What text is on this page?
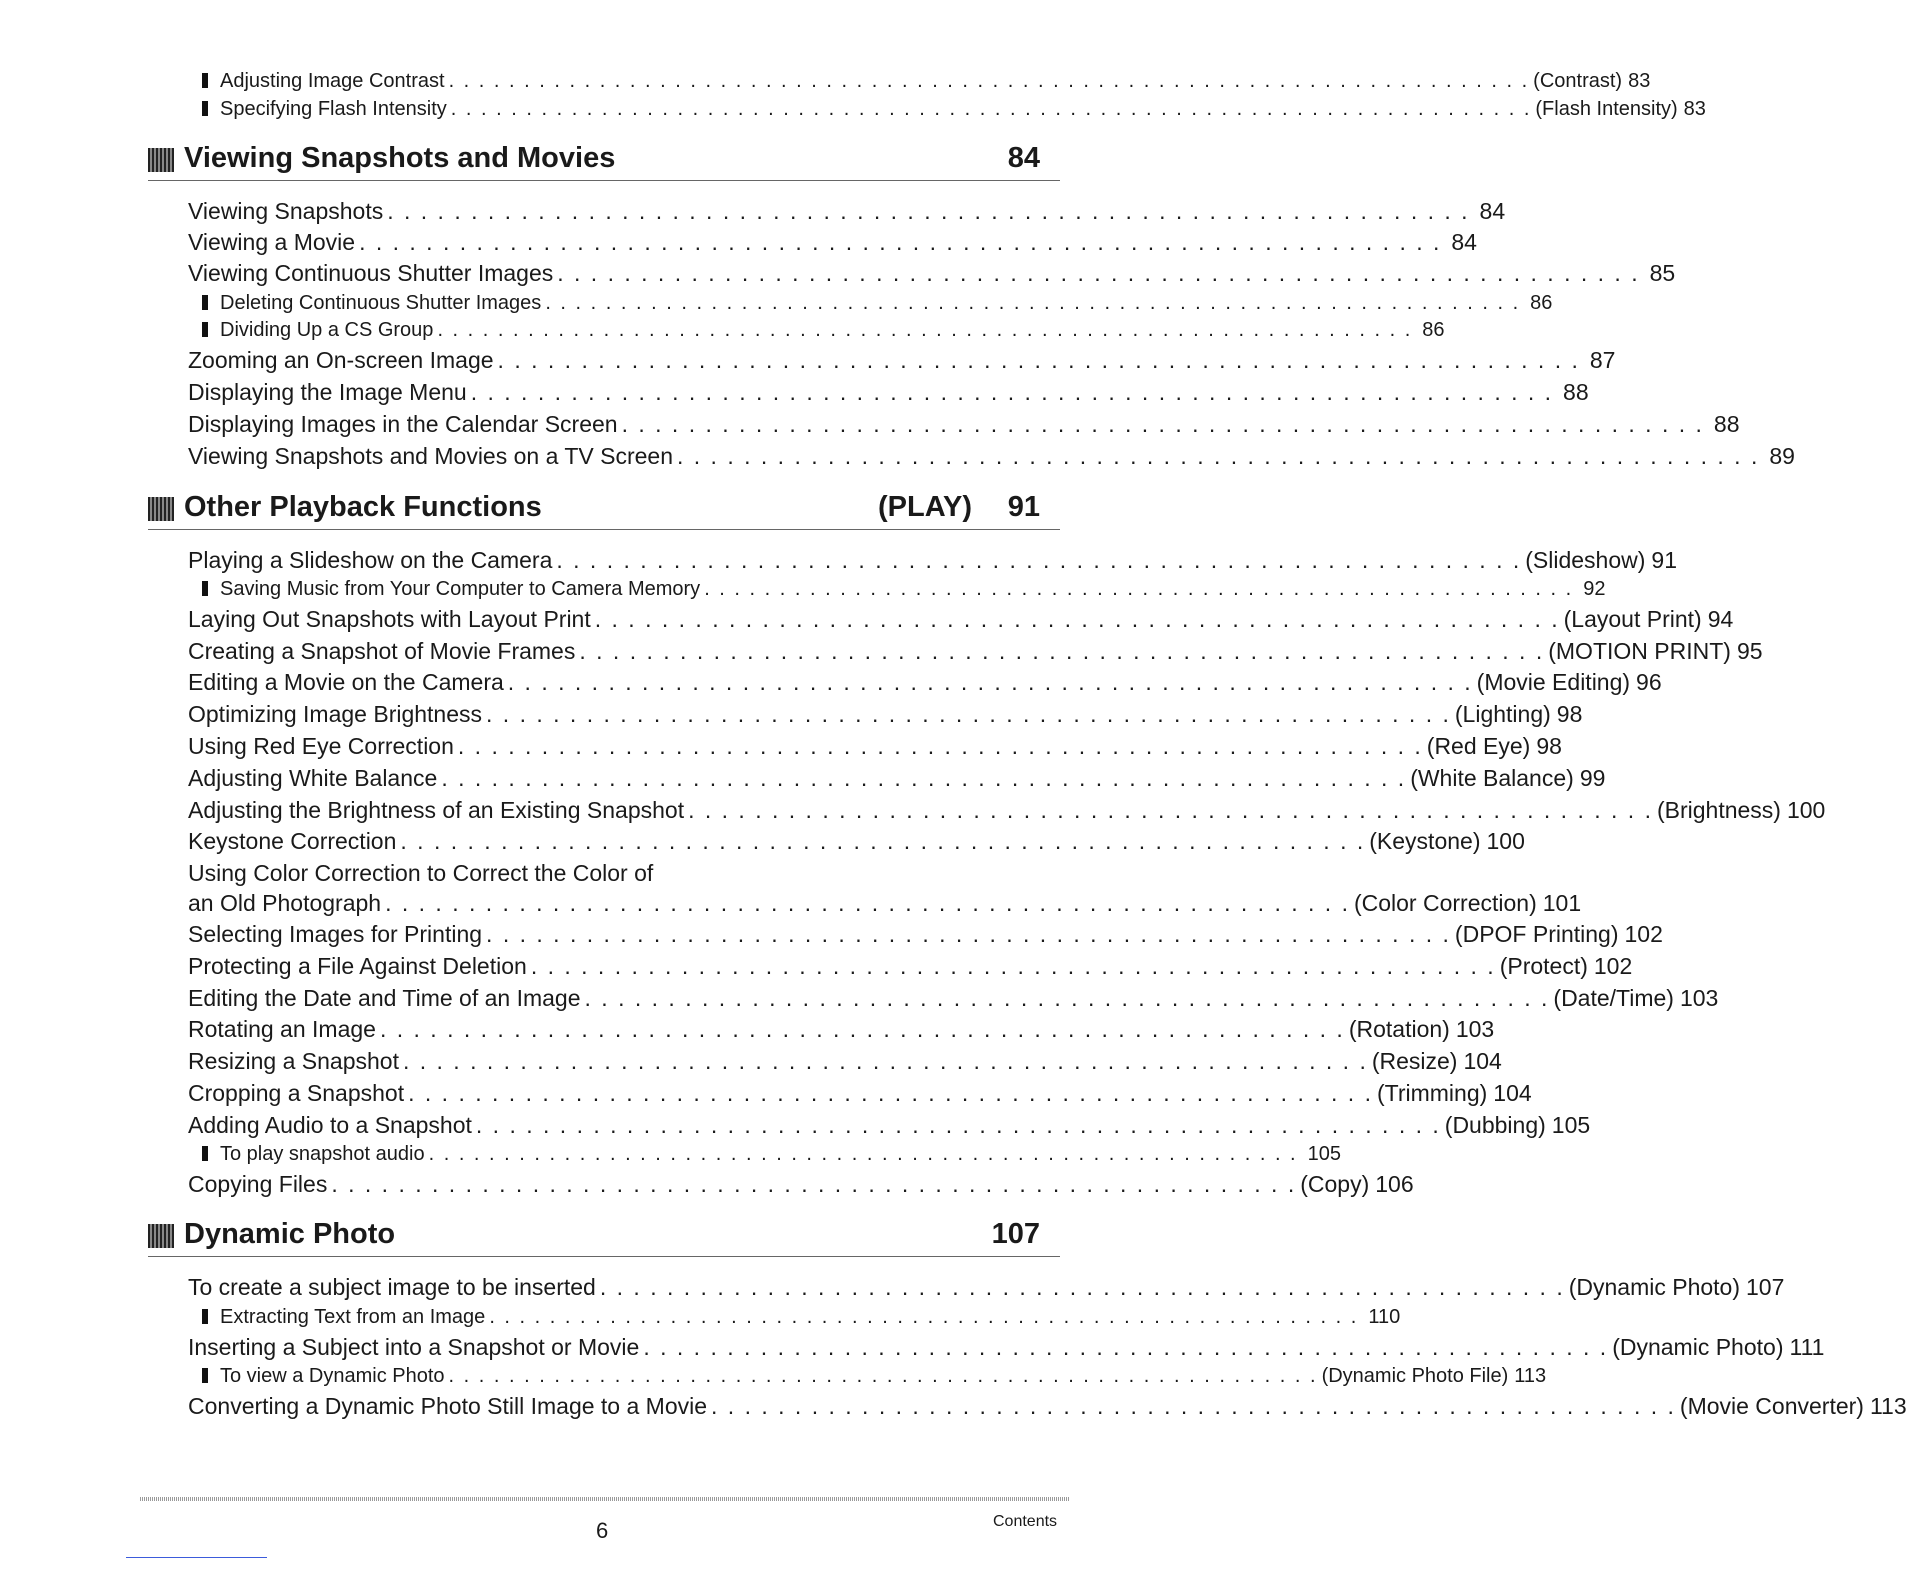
Adjusting Image Contrast . . . . . . . . . . . . . . . . . . . . . . . . . . . . . . . . . . . . . . . . . . . . . . . . . . . . . . . . . . . . . . . . . . . . . . . . (Contrast) 83
Specifying Flash Intensity . . . . . . . . . . . . . . . . . . . . . . . . . . . . . . . . . . . . . . . . . . . . . . . . . . . . . . . . . . . . . . . . . . . . . . . . (Flash Intensity) 83
Viewing Snapshots and Movies	84
Viewing Snapshots . . . . . . . . . . . . . . . . . . . . . . . . . . . . . . . . . . . . . . . . . . . . . . . . . . . . . . . . . . . . . . . . . 84
Viewing a Movie . . . . . . . . . . . . . . . . . . . . . . . . . . . . . . . . . . . . . . . . . . . . . . . . . . . . . . . . . . . . . . . . . 84
Viewing Continuous Shutter Images . . . . . . . . . . . . . . . . . . . . . . . . . . . . . . . . . . . . . . . . . . . . . . . . . . . . . . . . . . . . . . . . . 85
Deleting Continuous Shutter Images . . . . . . . . . . . . . . . . . . . . . . . . . . . . . . . . . . . . . . . . . . . . . . . . . . . . . . . . . . . . . . . . . 86
Dividing Up a CS Group . . . . . . . . . . . . . . . . . . . . . . . . . . . . . . . . . . . . . . . . . . . . . . . . . . . . . . . . . . . . . . . . . 86
Zooming an On-screen Image . . . . . . . . . . . . . . . . . . . . . . . . . . . . . . . . . . . . . . . . . . . . . . . . . . . . . . . . . . . . . . . . . 87
Displaying the Image Menu . . . . . . . . . . . . . . . . . . . . . . . . . . . . . . . . . . . . . . . . . . . . . . . . . . . . . . . . . . . . . . . . . 88
Displaying Images in the Calendar Screen . . . . . . . . . . . . . . . . . . . . . . . . . . . . . . . . . . . . . . . . . . . . . . . . . . . . . . . . . . . . . . . . . 88
Viewing Snapshots and Movies on a TV Screen . . . . . . . . . . . . . . . . . . . . . . . . . . . . . . . . . . . . . . . . . . . . . . . . . . . . . . . . . . . . . . . . . 89
Other Playback Functions	(PLAY) 91
Playing a Slideshow on the Camera . . . . . . . . . . . . . . . . . . . . . . . . . . . . . . . . . . . . . . . . . . . . . . . . . . . . . . . . . . (Slideshow) 91
Saving Music from Your Computer to Camera Memory . . . . . . . . . . . . . . . . . . . . . . . . . . . . . . . . . . . . . . . . . . . . . . . . . . . . . . . . . . 92
Laying Out Snapshots with Layout Print . . . . . . . . . . . . . . . . . . . . . . . . . . . . . . . . . . . . . . . . . . . . . . . . . . . . . . . . . . (Layout Print) 94
Creating a Snapshot of Movie Frames . . . . . . . . . . . . . . . . . . . . . . . . . . . . . . . . . . . . . . . . . . . . . . . . . . . . . . . . . . (MOTION PRINT) 95
Editing a Movie on the Camera . . . . . . . . . . . . . . . . . . . . . . . . . . . . . . . . . . . . . . . . . . . . . . . . . . . . . . . . . . (Movie Editing) 96
Optimizing Image Brightness . . . . . . . . . . . . . . . . . . . . . . . . . . . . . . . . . . . . . . . . . . . . . . . . . . . . . . . . . . (Lighting) 98
Using Red Eye Correction . . . . . . . . . . . . . . . . . . . . . . . . . . . . . . . . . . . . . . . . . . . . . . . . . . . . . . . . . . (Red Eye) 98
Adjusting White Balance . . . . . . . . . . . . . . . . . . . . . . . . . . . . . . . . . . . . . . . . . . . . . . . . . . . . . . . . . . (White Balance) 99
Adjusting the Brightness of an Existing Snapshot . . . . . . . . . . . . . . . . . . . . . . . . . . . . . . . . . . . . . . . . . . . . . . . . . . . . . . . . . . (Brightness) 100
Keystone Correction . . . . . . . . . . . . . . . . . . . . . . . . . . . . . . . . . . . . . . . . . . . . . . . . . . . . . . . . . . (Keystone) 100
Using Color Correction to Correct the Color of
an Old Photograph . . . . . . . . . . . . . . . . . . . . . . . . . . . . . . . . . . . . . . . . . . . . . . . . . . . . . . . . . . (Color Correction) 101
Selecting Images for Printing . . . . . . . . . . . . . . . . . . . . . . . . . . . . . . . . . . . . . . . . . . . . . . . . . . . . . . . . . . (DPOF Printing) 102
Protecting a File Against Deletion . . . . . . . . . . . . . . . . . . . . . . . . . . . . . . . . . . . . . . . . . . . . . . . . . . . . . . . . . . (Protect) 102
Editing the Date and Time of an Image . . . . . . . . . . . . . . . . . . . . . . . . . . . . . . . . . . . . . . . . . . . . . . . . . . . . . . . . . . (Date/Time) 103
Rotating an Image . . . . . . . . . . . . . . . . . . . . . . . . . . . . . . . . . . . . . . . . . . . . . . . . . . . . . . . . . . (Rotation) 103
Resizing a Snapshot . . . . . . . . . . . . . . . . . . . . . . . . . . . . . . . . . . . . . . . . . . . . . . . . . . . . . . . . . . (Resize) 104
Cropping a Snapshot . . . . . . . . . . . . . . . . . . . . . . . . . . . . . . . . . . . . . . . . . . . . . . . . . . . . . . . . . . (Trimming) 104
Adding Audio to a Snapshot . . . . . . . . . . . . . . . . . . . . . . . . . . . . . . . . . . . . . . . . . . . . . . . . . . . . . . . . . . (Dubbing) 105
To play snapshot audio . . . . . . . . . . . . . . . . . . . . . . . . . . . . . . . . . . . . . . . . . . . . . . . . . . . . . . . . . . 105
Copying Files . . . . . . . . . . . . . . . . . . . . . . . . . . . . . . . . . . . . . . . . . . . . . . . . . . . . . . . . . . (Copy) 106
Dynamic Photo	107
To create a subject image to be inserted . . . . . . . . . . . . . . . . . . . . . . . . . . . . . . . . . . . . . . . . . . . . . . . . . . . . . . . . . . (Dynamic Photo) 107
Extracting Text from an Image . . . . . . . . . . . . . . . . . . . . . . . . . . . . . . . . . . . . . . . . . . . . . . . . . . . . . . . . . . 110
Inserting a Subject into a Snapshot or Movie . . . . . . . . . . . . . . . . . . . . . . . . . . . . . . . . . . . . . . . . . . . . . . . . . . . . . . . . . . (Dynamic Photo) 111
To view a Dynamic Photo . . . . . . . . . . . . . . . . . . . . . . . . . . . . . . . . . . . . . . . . . . . . . . . . . . . . . . . . . . (Dynamic Photo File) 113
Converting a Dynamic Photo Still Image to a Movie . . . . . . . . . . . . . . . . . . . . . . . . . . . . . . . . . . . . . . . . . . . . . . . . . . . . . . . . . . (Movie Converter) 113
6	Contents
